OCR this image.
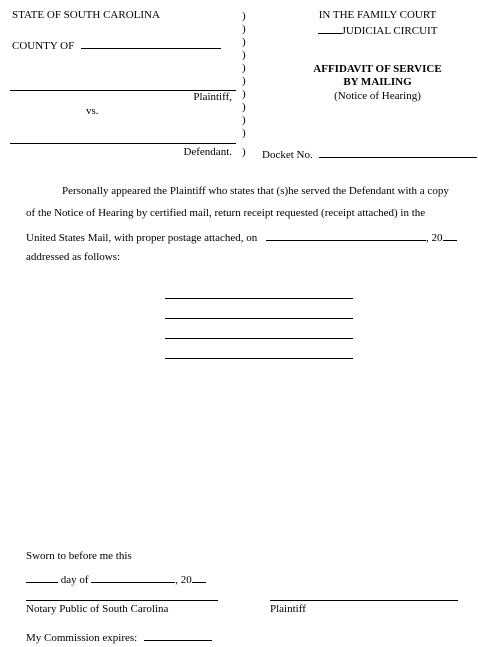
STATE OF SOUTH CAROLINA
COUNTY OF
Plaintiff,
vs.
Defendant.
)
)
)
)
)
)
)
)
)
)
)
IN THE FAMILY COURT
JUDICIAL CIRCUIT
AFFIDAVIT OF SERVICE
BY MAILING
(Notice of Hearing)
Docket No.
Personally appeared the Plaintiff who states that (s)he served the Defendant with a copy
of the Notice of Hearing by certified mail, return receipt requested (receipt attached) in the
United States Mail, with proper postage attached, on	, 20
addressed as follows:
Sworn to before me this
day of	, 20
Notary Public of South Carolina	Plaintiff
My Commission expires:
